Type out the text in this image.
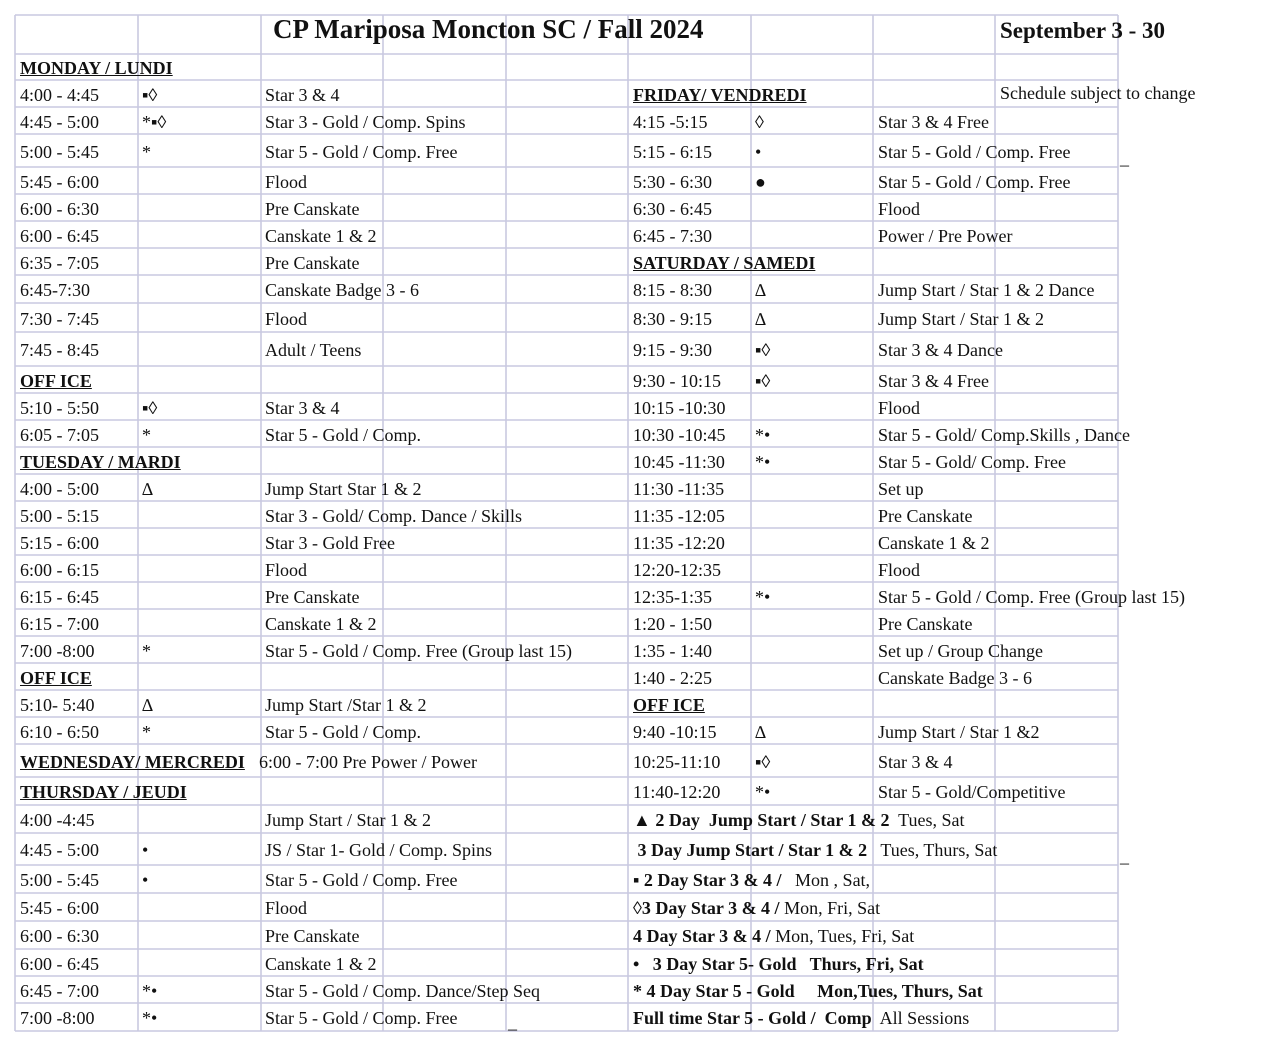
CP Mariposa Moncton SC / Fall 2024	September 3 - 30
Schedule subject to change
MONDAY / LUNDI
4:00 - 4:45 ▪◊	Star 3 & 4
4:45 - 5:00 *▪◊	Star 3 - Gold / Comp. Spins
5:00 - 5:45 *	Star 5 - Gold / Comp. Free
5:45 - 6:00	Flood
6:00 - 6:30	Pre Canskate
6:00 - 6:45	Canskate 1 & 2
6:35 - 7:05	Pre Canskate
6:45-7:30	Canskate Badge 3 - 6
7:30 - 7:45	Flood
7:45 - 8:45	Adult / Teens
OFF ICE
5:10 - 5:50 ▪◊	Star 3 & 4
6:05 - 7:05 *	Star 5 - Gold / Comp.
TUESDAY / MARDI
4:00 - 5:00 ∆	Jump Start Star 1 & 2
5:00 - 5:15	Star 3 - Gold/ Comp. Dance / Skills
5:15 - 6:00	Star 3 - Gold Free
6:00 - 6:15	Flood
6:15 - 6:45	Pre Canskate
6:15 - 7:00	Canskate 1 & 2
7:00 -8:00	*	Star 5 - Gold / Comp. Free (Group last 15)
OFF ICE
5:10- 5:40	∆	Jump Start /Star 1 & 2
6:10 - 6:50 *	Star 5 - Gold / Comp.
WEDNESDAY/ MERCREDI 6:00 - 7:00 Pre Power / Power
THURSDAY / JEUDI
4:00 -4:45	Jump Start / Star 1 & 2
4:45 - 5:00 •	JS / Star 1- Gold / Comp. Spins
5:00 - 5:45 •	Star 5 - Gold / Comp. Free
5:45 - 6:00	Flood
6:00 - 6:30	Pre Canskate
6:00 - 6:45	Canskate 1 & 2
6:45 - 7:00 *•	Star 5 - Gold / Comp. Dance/Step Seq
7:00 -8:00	*•	Star 5 - Gold / Comp. Free
FRIDAY/ VENDREDI
4:15 -5:15	◊	Star 3 & 4 Free
5:15 - 6:15 •	Star 5 - Gold / Comp. Free
5:30 - 6:30 ●	Star 5 - Gold / Comp. Free
6:30 - 6:45	Flood
6:45 - 7:30	Power / Pre Power
SATURDAY / SAMEDI
8:15 - 8:30 ∆	Jump Start / Star 1 & 2 Dance
8:30 - 9:15 ∆	Jump Start / Star 1 & 2
9:15 - 9:30 ▪◊	Star 3 & 4 Dance
9:30 - 10:15 ▪◊	Star 3 & 4 Free
10:15 -10:30	Flood
10:30 -10:45 *•	Star 5 - Gold/ Comp.Skills , Dance
10:45 -11:30 *•	Star 5 - Gold/ Comp. Free
11:30 -11:35	Set up
11:35 -12:05	Pre Canskate
11:35 -12:20	Canskate 1 & 2
12:20-12:35	Flood
12:35-1:35 *•	Star 5 - Gold / Comp. Free (Group last 15)
1:20 - 1:50	Pre Canskate
1:35 - 1:40	Set up / Group Change
1:40 - 2:25	Canskate Badge 3 - 6
OFF ICE
9:40 -10:15 ∆	Jump Start / Star 1 &2
10:25-11:10 ▪◊	Star 3 & 4
11:40-12:20 *•	Star 5 - Gold/Competitive
▲ 2 Day  Jump Start / Star 1 & 2  Tues, Sat
3 Day Jump Start / Star 1 & 2   Tues, Thurs, Sat
▪ 2 Day Star 3 & 4 /   Mon , Sat,
◊3 Day Star 3 & 4 / Mon, Fri, Sat
4 Day Star 3 & 4 / Mon, Tues, Fri, Sat
•   3 Day Star 5- Gold   Thurs, Fri, Sat
* 4 Day Star 5 - Gold     Mon,Tues, Thurs, Sat
Full time Star 5 - Gold /  Comp  All Sessions
_
_
_
